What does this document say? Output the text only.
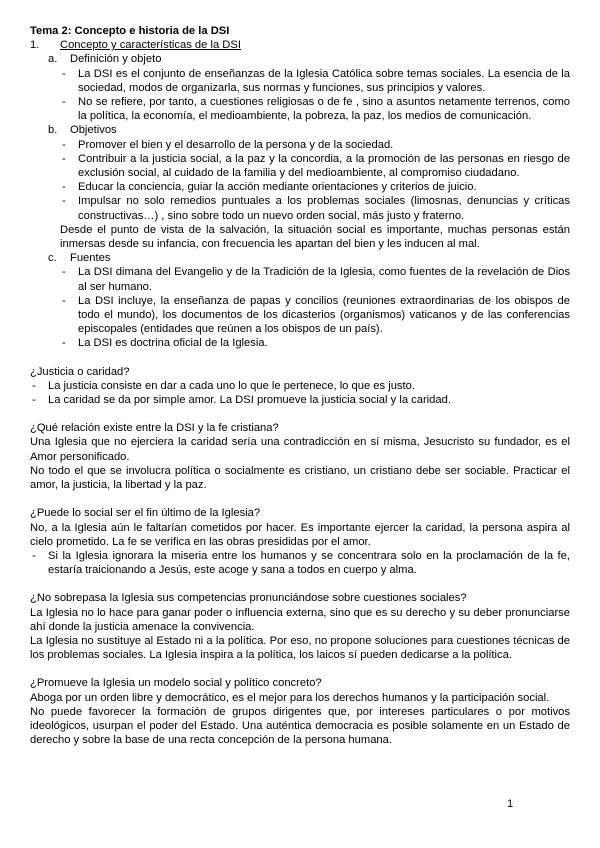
Tema 2: Concepto e historia de la DSI

1.	Concepto y características de la DSI
a.	Definición y objeto
- La DSI es el conjunto de enseñanzas de la Iglesia Católica sobre temas sociales. La esencia de la sociedad, modos de organizarla, sus normas y funciones, sus principios y valores.
- No se refiere, por tanto, a cuestiones religiosas o de fe , sino a asuntos netamente terrenos, como la política, la economía, el medioambiente, la pobreza, la paz, los medios de comunicación.
b.	Objetivos
- Promover el bien y el desarrollo de la persona y de la sociedad.
- Contribuir a la justicia social, a la paz y la concordia, a la promoción de las personas en riesgo de exclusión social, al cuidado de la familia y del medioambiente, al compromiso ciudadano.
- Educar la conciencia, guiar la acción mediante orientaciones y criterios de juicio.
- Impulsar no solo remedios puntuales a los problemas sociales (limosnas, denuncias y críticas constructivas…) , sino sobre todo un nuevo orden social, más justo y fraterno.
Desde el punto de vista de la salvación, la situación social es importante, muchas personas están inmersas desde su infancia, con frecuencia les apartan del bien y les inducen al mal.
c.	Fuentes
- La DSI dimana del Evangelio y de la Tradición de la Iglesia, como fuentes de la revelación de Dios al ser humano.
- La DSI incluye, la enseñanza de papas y concilios (reuniones extraordinarias de los obispos de todo el mundo), los documentos de los dicasterios (organismos) vaticanos y de las conferencias episcopales (entidades que reúnen a los obispos de un país).
- La DSI es doctrina oficial de la Iglesia.

¿Justicia o caridad?

- La justicia consiste en dar a cada uno lo que le pertenece, lo que es justo.
- La caridad se da por simple amor. La DSI promueve la justicia social y la caridad.

¿Qué relación existe entre la DSI y la fe cristiana?

Una Iglesia que no ejerciera la caridad sería una contradicción en sí misma, Jesucristo su fundador, es el Amor personificado.

No todo el que se involucra política o socialmente es cristiano, un cristiano debe ser sociable. Practicar el amor, la justicia, la libertad y la paz.

¿Puede lo social ser el fin último de la Iglesia?

No, a la Iglesia aún le faltarían cometidos por hacer. Es importante ejercer la caridad, la persona aspira al cielo prometido. La fe se verifica en las obras presididas por el amor.

- Si la Iglesia ignorara la miseria entre los humanos y se concentrara solo en la proclamación de la fe, estaría traicionando a Jesús, este acoge y sana a todos en cuerpo y alma.

¿No sobrepasa la Iglesia sus competencias pronunciándose sobre cuestiones sociales?

La Iglesia no lo hace para ganar poder o influencia externa, sino que es su derecho y su deber pronunciarse ahí donde la justicia amenace la convivencia.

La Iglesia no sustituye al Estado ni a la política. Por eso, no propone soluciones para cuestiones técnicas de los problemas sociales. La Iglesia inspira a la política, los laicos sí pueden dedicarse a la política.

¿Promueve la Iglesia un modelo social y político concreto?

Aboga por un orden libre y democrático, es el mejor para los derechos humanos y la participación social.

No puede favorecer la formación de grupos dirigentes que, por intereses particulares o por motivos ideológicos, usurpan el poder del Estado. Una auténtica democracia es posible solamente en un Estado de derecho y sobre la base de una recta concepción de la persona humana.

1
